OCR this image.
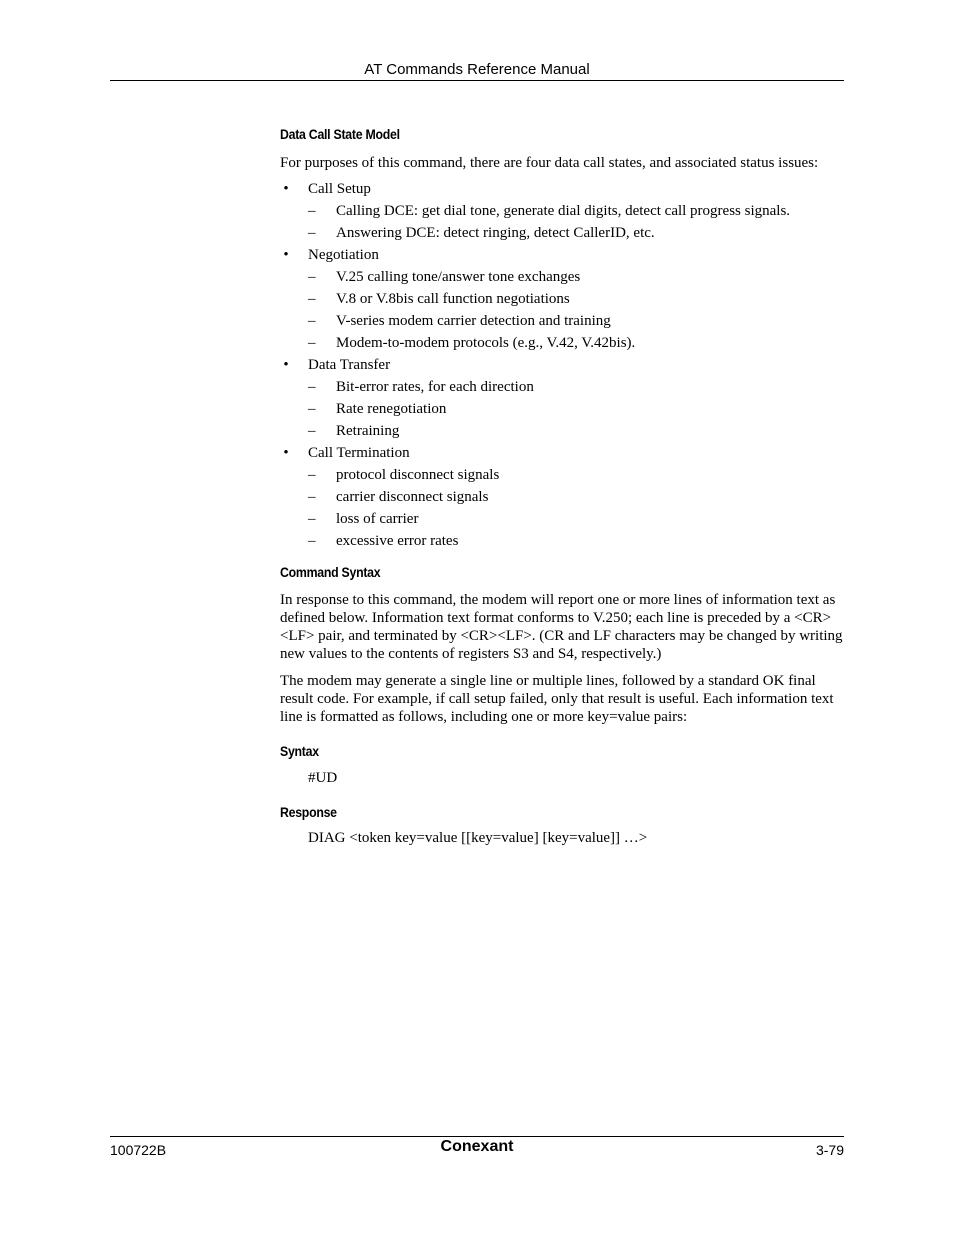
AT Commands Reference Manual
Data Call State Model

For purposes of this command, there are four data call states, and associated status issues:

• Call Setup
– Calling DCE: get dial tone, generate dial digits, detect call progress signals.
– Answering DCE: detect ringing, detect CallerID, etc.
• Negotiation
– V.25 calling tone/answer tone exchanges
– V.8 or V.8bis call function negotiations
– V-series modem carrier detection and training
– Modem-to-modem protocols (e.g., V.42, V.42bis).
• Data Transfer
– Bit-error rates, for each direction
– Rate renegotiation
– Retraining
• Call Termination
– protocol disconnect signals
– carrier disconnect signals
– loss of carrier
– excessive error rates
Command Syntax

In response to this command, the modem will report one or more lines of information text as defined below. Information text format conforms to V.250; each line is preceded by a <CR><LF> pair, and terminated by <CR><LF>. (CR and LF characters may be changed by writing new values to the contents of registers S3 and S4, respectively.)

The modem may generate a single line or multiple lines, followed by a standard OK final result code. For example, if call setup failed, only that result is useful. Each information text line is formatted as follows, including one or more key=value pairs:

Syntax

#UD

Response

DIAG <token key=value [[key=value] [key=value]] …>

100722B	Conexant	3-79
